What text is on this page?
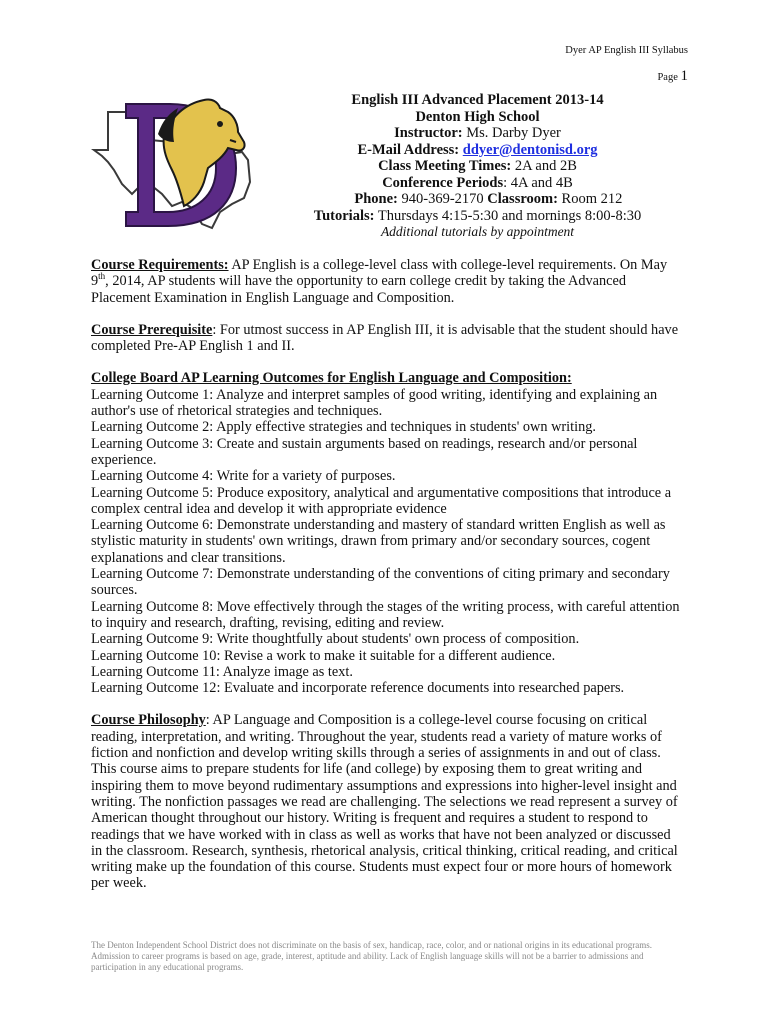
Dyer AP English III Syllabus
Page 1
English III Advanced Placement 2013-14
Denton High School
Instructor: Ms. Darby Dyer
E-Mail Address: ddyer@dentonisd.org
Class Meeting Times: 2A and 2B
Conference Periods: 4A and 4B
Phone: 940-369-2170 Classroom: Room 212
Tutorials: Thursdays 4:15-5:30 and mornings 8:00-8:30
Additional tutorials by appointment

Course Requirements: AP English is a college-level class with college-level requirements. On May 9th, 2014, AP students will have the opportunity to earn college credit by taking the Advanced Placement Examination in English Language and Composition.

Course Prerequisite: For utmost success in AP English III, it is advisable that the student should have completed Pre-AP English 1 and II.

College Board AP Learning Outcomes for English Language and Composition:

Learning Outcome 1: Analyze and interpret samples of good writing, identifying and explaining an author's use of rhetorical strategies and techniques.

Learning Outcome 2: Apply effective strategies and techniques in students' own writing.

Learning Outcome 3: Create and sustain arguments based on readings, research and/or personal experience.

Learning Outcome 4: Write for a variety of purposes.

Learning Outcome 5: Produce expository, analytical and argumentative compositions that introduce a complex central idea and develop it with appropriate evidence

Learning Outcome 6: Demonstrate understanding and mastery of standard written English as well as stylistic maturity in students' own writings, drawn from primary and/or secondary sources, cogent explanations and clear transitions.

Learning Outcome 7: Demonstrate understanding of the conventions of citing primary and secondary sources.

Learning Outcome 8: Move effectively through the stages of the writing process, with careful attention to inquiry and research, drafting, revising, editing and review.

Learning Outcome 9: Write thoughtfully about students' own process of composition.

Learning Outcome 10: Revise a work to make it suitable for a different audience.

Learning Outcome 11: Analyze image as text.

Learning Outcome 12: Evaluate and incorporate reference documents into researched papers.

Course Philosophy: AP Language and Composition is a college-level course focusing on critical reading, interpretation, and writing. Throughout the year, students read a variety of mature works of fiction and nonfiction and develop writing skills through a series of assignments in and out of class. This course aims to prepare students for life (and college) by exposing them to great writing and inspiring them to move beyond rudimentary assumptions and expressions into higher-level insight and writing. The nonfiction passages we read are challenging. The selections we read represent a survey of American thought throughout our history. Writing is frequent and requires a student to respond to readings that we have worked with in class as well as works that have not been analyzed or discussed in the classroom. Research, synthesis, rhetorical analysis, critical thinking, critical reading, and critical writing make up the foundation of this course. Students must expect four or more hours of homework per week.

The Denton Independent School District does not discriminate on the basis of sex, handicap, race, color, and or national origins in its educational programs. Admission to career programs is based on age, grade, interest, aptitude and ability. Lack of English language skills will not be a barrier to admissions and participation in any educational programs.
